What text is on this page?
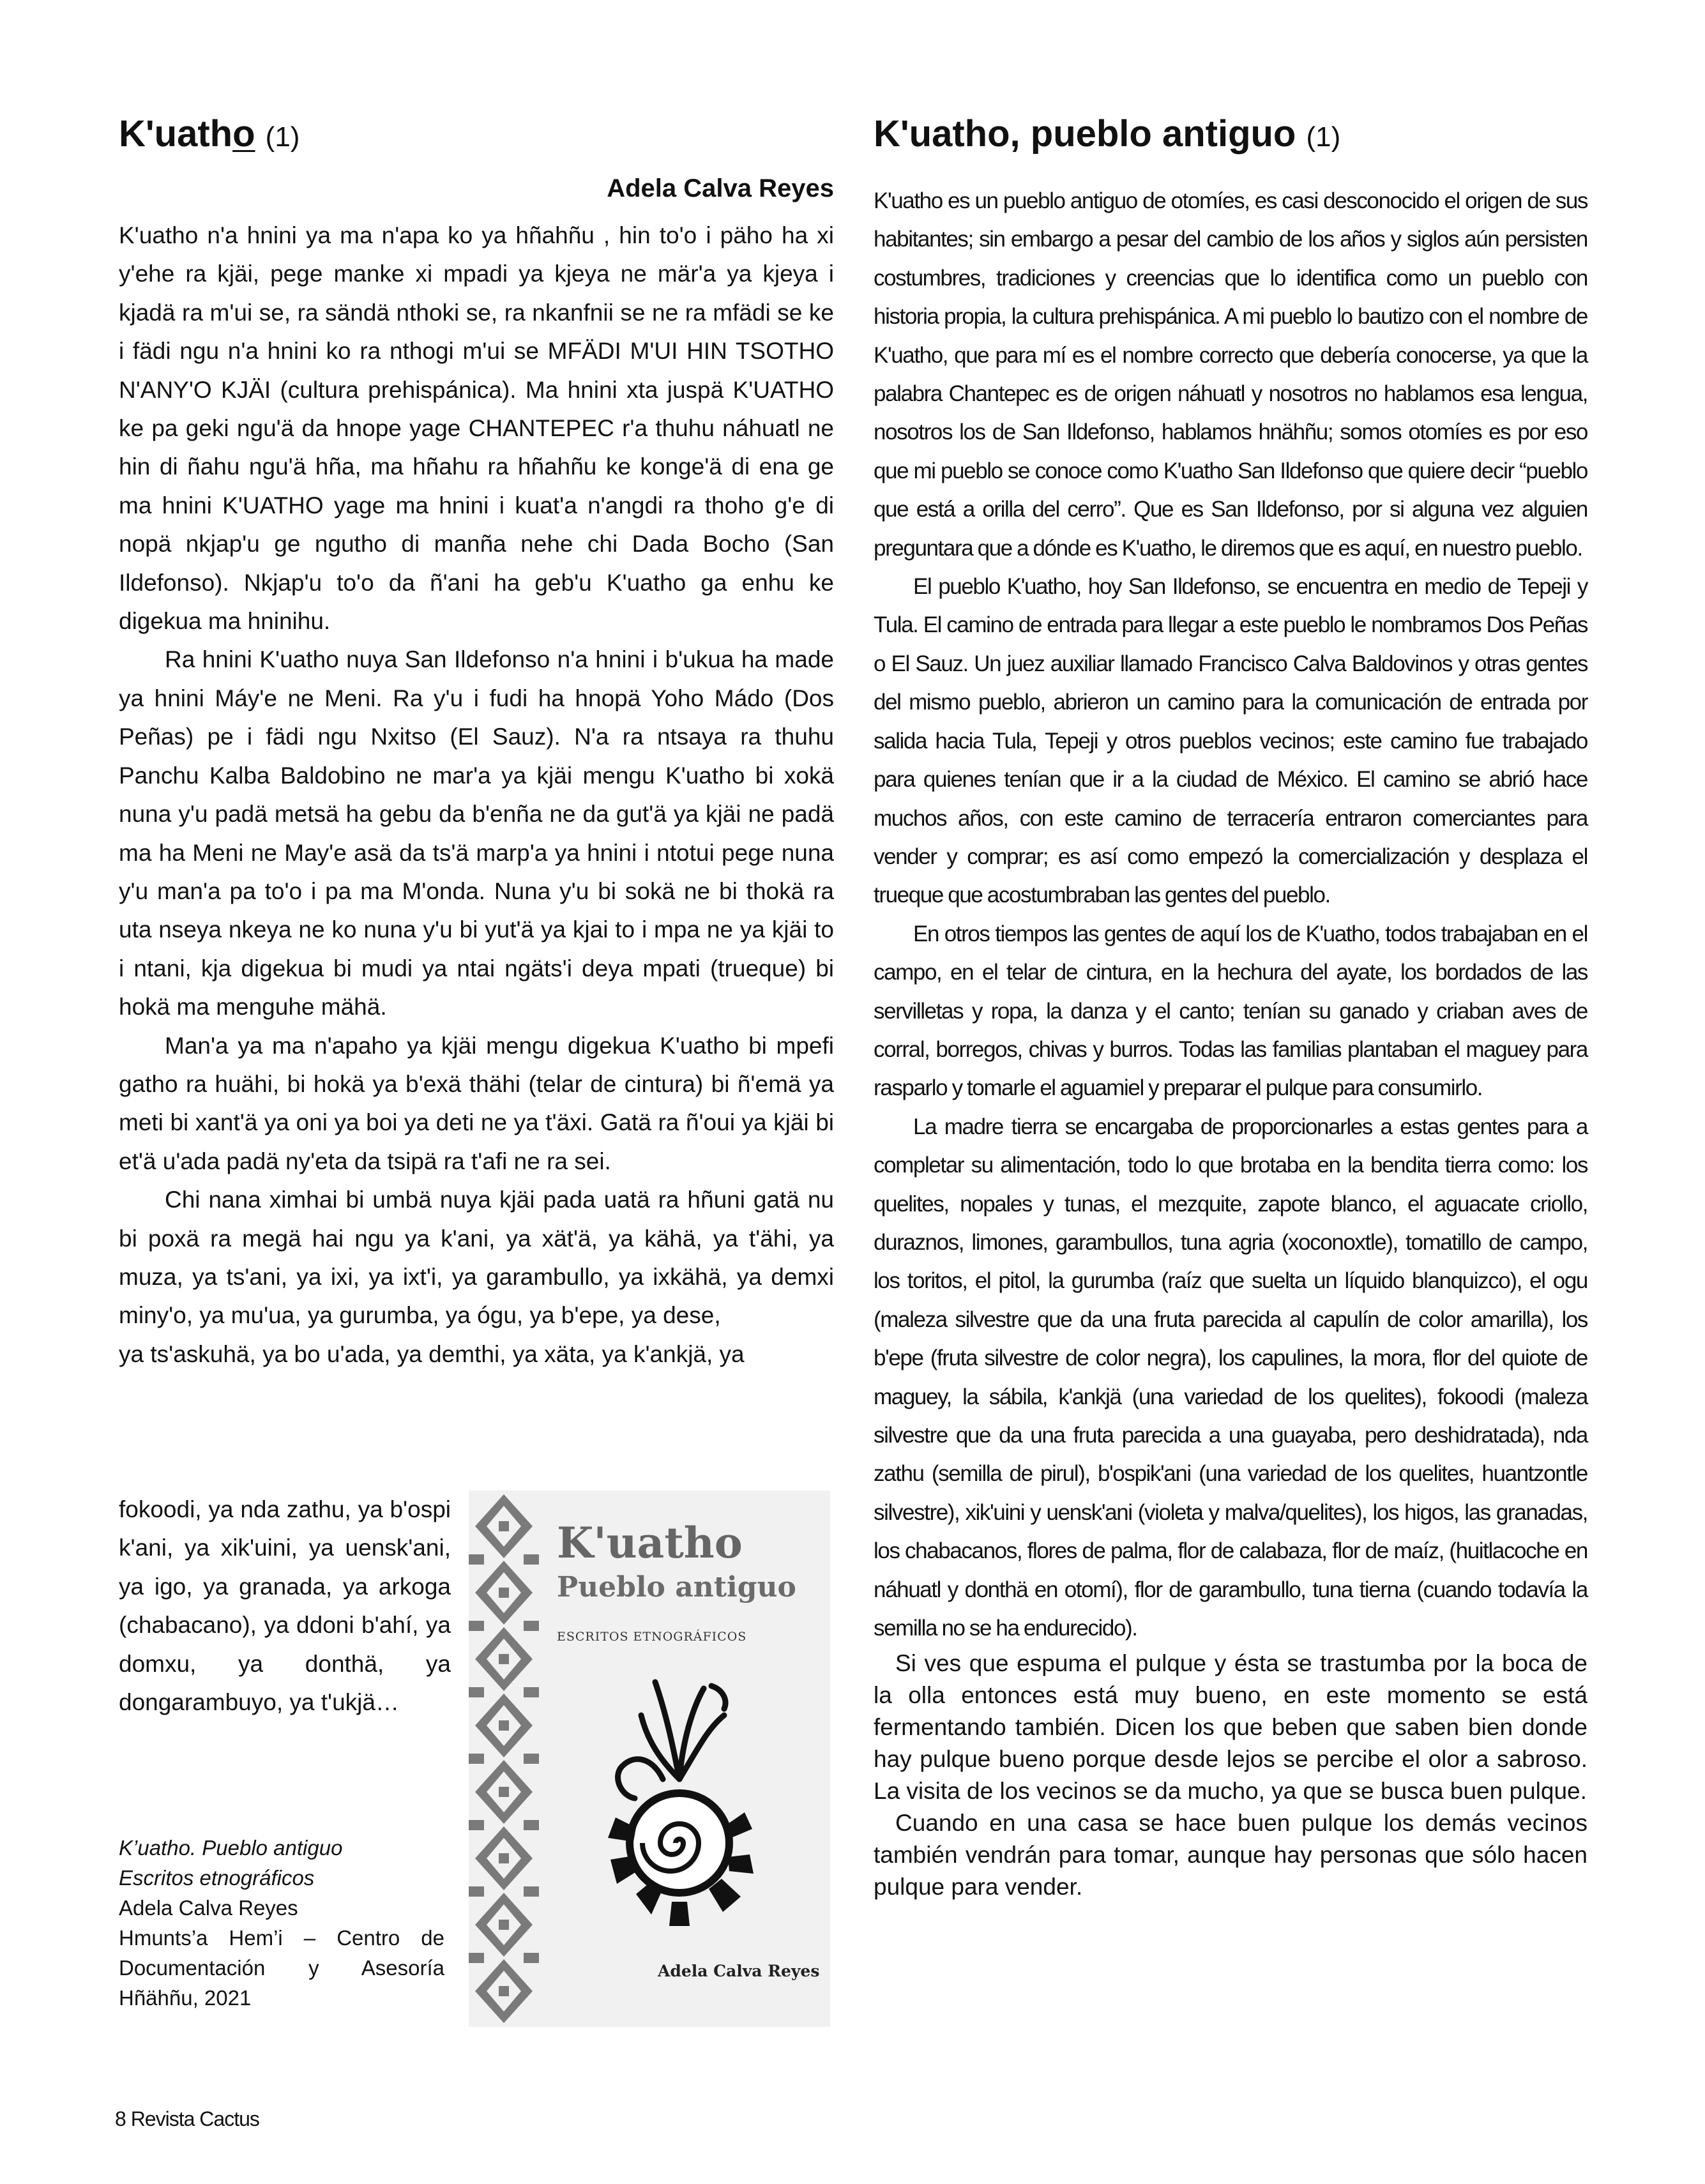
K'uatho (1)
Adela Calva Reyes

K'uatho n'a hnini ya ma n'apa ko ya hñahñu , hin to'o i päho ha xi y'ehe ra kjäi, pege manke xi mpadi ya kjeya ne mär'a ya kjeya i kjadä ra m'ui se, ra sändä nthoki se, ra nkanfnii se ne ra mfädi se ke i fädi ngu n'a hnini ko ra nthogi m'ui se MFÄDI M'UI HIN TSOTHO N'ANY'O KJÄI (cultura prehispánica). Ma hnini xta juspä K'UATHO ke pa geki ngu'ä da hnope yage CHANTEPEC r'a thuhu náhuatl ne hin di ñahu ngu'ä hña, ma hñahu ra hñahñu ke konge'ä di ena ge ma hnini K'UATHO yage ma hnini i kuat'a n'angdi ra thoho g'e di nopä nkjap'u ge ngutho di manña nehe chi Dada Bocho (San Ildefonso). Nkjap'u to'o da ñ'ani ha geb'u K'uatho ga enhu ke digekua ma hninihu.

Ra hnini K'uatho nuya San Ildefonso n'a hnini i b'ukua ha made ya hnini Máy'e ne Meni. Ra y'u i fudi ha hnopä Yoho Mádo (Dos Peñas) pe i fädi ngu Nxitso (El Sauz). N'a ra ntsaya ra thuhu Panchu Kalba Baldobino ne mar'a ya kjäi mengu K'uatho bi xokä nuna y'u padä metsä ha gebu da b'enña ne da gut'ä ya kjäi ne padä ma ha Meni ne May'e asä da ts'ä marp'a ya hnini i ntotui pege nuna y'u man'a pa to'o i pa ma M'onda. Nuna y'u bi sokä ne bi thokä ra uta nseya nkeya ne ko nuna y'u bi yut'ä ya kjai to i mpa ne ya kjäi to i ntani, kja digekua bi mudi ya ntai ngäts'i deya mpati (trueque) bi hokä ma menguhe mähä.

Man'a ya ma n'apaho ya kjäi mengu digekua K'uatho bi mpefi gatho ra huähi, bi hokä ya b'exä thähi (telar de cintura) bi ñ'emä ya meti bi xant'ä ya oni ya boi ya deti ne ya t'äxi. Gatä ra ñ'oui ya kjäi bi et'ä u'ada padä ny'eta da tsipä ra t'afi ne ra sei.

Chi nana ximhai bi umbä nuya kjäi pada uatä ra hñuni gatä nu bi poxä ra megä hai ngu ya k'ani, ya xät'ä, ya kähä, ya t'ähi, ya muza, ya ts'ani, ya ixi, ya ixt'i, ya garambullo, ya ixkähä, ya demxi miny'o, ya mu'ua, ya gurumba, ya ógu, ya b'epe, ya dese,

ya ts'askuhä, ya bo u'ada, ya demthi, ya xäta, ya k'ankjä, ya

fokoodi, ya nda zathu, ya b'ospi k'ani, ya xik'uini, ya uensk'ani, ya igo, ya granada, ya arkoga (chabacano), ya ddoni b'ahí, ya domxu, ya donthä, ya dongarambuyo, ya t'ukjä…

K’uatho. Pueblo antiguo

Escritos etnográficos

Adela Calva Reyes

Hmunts’a Hem’i – Centro de Documentación y Asesoría Hñähñu, 2021

K'uatho
Pueblo antiguo
ESCRITOS ETNOGRÁFICOS
Adela Calva Reyes
K'uatho, pueblo antiguo (1)

K'uatho es un pueblo antiguo de otomíes, es casi desconocido el origen de sus habitantes; sin embargo a pesar del cambio de los años y siglos aún persisten costumbres, tradiciones y creencias que lo identifica como un pueblo con historia propia, la cultura prehispánica. A mi pueblo lo bautizo con el nombre de K'uatho, que para mí es el nombre correcto que debería conocerse, ya que la palabra Chantepec es de origen náhuatl y nosotros no hablamos esa lengua, nosotros los de San Ildefonso, hablamos hnähñu; somos otomíes es por eso que mi pueblo se conoce como K'uatho San Ildefonso que quiere decir “pueblo que está a orilla del cerro”. Que es San Ildefonso, por si alguna vez alguien preguntara que a dónde es K'uatho, le diremos que es aquí, en nuestro pueblo.

El pueblo K'uatho, hoy San Ildefonso, se encuentra en medio de Tepeji y Tula. El camino de entrada para llegar a este pueblo le nombramos Dos Peñas o El Sauz. Un juez auxiliar llamado Francisco Calva Baldovinos y otras gentes del mismo pueblo, abrieron un camino para la comunicación de entrada por salida hacia Tula, Tepeji y otros pueblos vecinos; este camino fue trabajado para quienes tenían que ir a la ciudad de México. El camino se abrió hace muchos años, con este camino de terracería entraron comerciantes para vender y comprar; es así como empezó la comercialización y desplaza el trueque que acostumbraban las gentes del pueblo.

En otros tiempos las gentes de aquí los de K'uatho, todos trabajaban en el campo, en el telar de cintura, en la hechura del ayate, los bordados de las servilletas y ropa, la danza y el canto; tenían su ganado y criaban aves de corral, borregos, chivas y burros. Todas las familias plantaban el maguey para rasparlo y tomarle el aguamiel y preparar el pulque para consumirlo.

La madre tierra se encargaba de proporcionarles a estas gentes para a completar su alimentación, todo lo que brotaba en la bendita tierra como: los quelites, nopales y tunas, el mezquite, zapote blanco, el aguacate criollo, duraznos, limones, garambullos, tuna agria (xoconoxtle), tomatillo de campo, los toritos, el pitol, la gurumba (raíz que suelta un líquido blanquizco), el ogu (maleza silvestre que da una fruta parecida al capulín de color amarilla), los b'epe (fruta silvestre de color negra), los capulines, la mora, flor del quiote de maguey, la sábila, k'ankjä (una variedad de los quelites), fokoodi (maleza silvestre que da una fruta parecida a una guayaba, pero deshidratada), nda zathu (semilla de pirul), b'ospik'ani (una variedad de los quelites, huantzontle silvestre), xik'uini y uensk'ani (violeta y malva/quelites), los higos, las granadas, los chabacanos, flores de palma, flor de calabaza, flor de maíz, (huitlacoche en náhuatl y donthä en otomí), flor de garambullo, tuna tierna (cuando todavía la semilla no se ha endurecido).

Si ves que espuma el pulque y ésta se trastumba por la boca de la olla entonces está muy bueno, en este momento se está fermentando también. Dicen los que beben que saben bien donde hay pulque bueno porque desde lejos se percibe el olor a sabroso. La visita de los vecinos se da mucho, ya que se busca buen pulque.

Cuando en una casa se hace buen pulque los demás vecinos también vendrán para tomar, aunque hay personas que sólo hacen pulque para vender.

8 Revista Cactus
